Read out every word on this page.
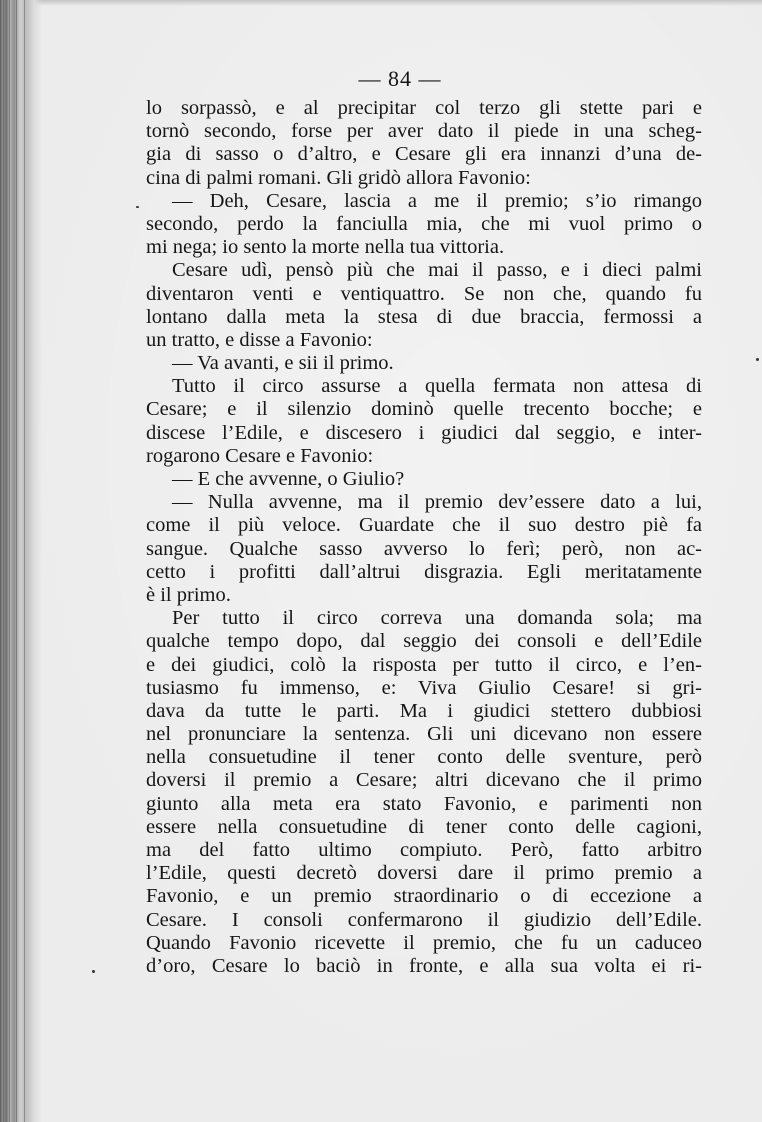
— 84 —
lo sorpassò, e al precipitar col terzo gli stette pari e
tornò secondo, forse per aver dato il piede in una scheg-
gia di sasso o d’altro, e Cesare gli era innanzi d’una de-
cina di palmi romani. Gli gridò allora Favonio:
— Deh, Cesare, lascia a me il premio; s’io rimango
secondo, perdo la fanciulla mia, che mi vuol primo o
mi nega; io sento la morte nella tua vittoria.
Cesare udì, pensò più che mai il passo, e i dieci palmi
diventaron venti e ventiquattro. Se non che, quando fu
lontano dalla meta la stesa di due braccia, fermossi a
un tratto, e disse a Favonio:
— Va avanti, e sii il primo.
Tutto il circo assurse a quella fermata non attesa di
Cesare; e il silenzio dominò quelle trecento bocche; e
discese l’Edile, e discesero i giudici dal seggio, e inter-
rogarono Cesare e Favonio:
— E che avvenne, o Giulio?
— Nulla avvenne, ma il premio dev’essere dato a lui,
come il più veloce. Guardate che il suo destro piè fa
sangue. Qualche sasso avverso lo ferì; però, non ac-
cetto i profitti dall’altrui disgrazia. Egli meritatamente
è il primo.
Per tutto il circo correva una domanda sola; ma
qualche tempo dopo, dal seggio dei consoli e dell’Edile
e dei giudici, colò la risposta per tutto il circo, e l’en-
tusiasmo fu immenso, e: Viva Giulio Cesare! si gri-
dava da tutte le parti. Ma i giudici stettero dubbiosi
nel pronunciare la sentenza. Gli uni dicevano non essere
nella consuetudine il tener conto delle sventure, però
doversi il premio a Cesare; altri dicevano che il primo
giunto alla meta era stato Favonio, e parimenti non
essere nella consuetudine di tener conto delle cagioni,
ma del fatto ultimo compiuto. Però, fatto arbitro
l’Edile, questi decretò doversi dare il primo premio a
Favonio, e un premio straordinario o di eccezione a
Cesare. I consoli confermarono il giudizio dell’Edile.
Quando Favonio ricevette il premio, che fu un caduceo
d’oro, Cesare lo baciò in fronte, e alla sua volta ei ri-
